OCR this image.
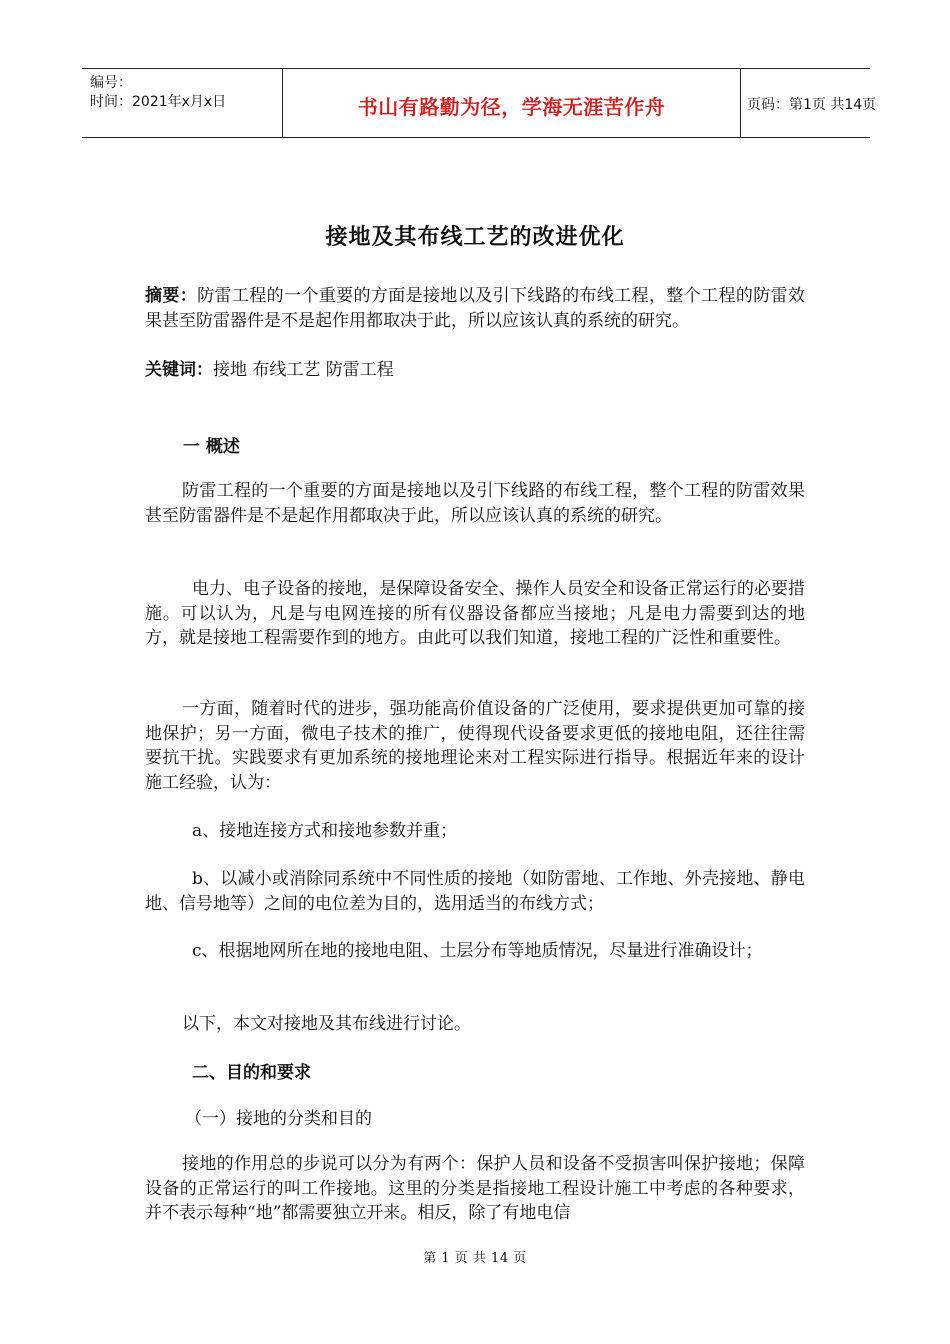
编号：
时间：2021年x月x日	书山有路勤为径，学海无涯苦作舟	页码：第1页 共14页
接地及其布线工艺的改进优化

摘要：防雷工程的一个重要的方面是接地以及引下线路的布线工程，整个工程的防雷效果甚至防雷器件是不是起作用都取决于此，所以应该认真的系统的研究。

关键词：接地 布线工艺 防雷工程

一 概述

防雷工程的一个重要的方面是接地以及引下线路的布线工程，整个工程的防雷效果甚至防雷器件是不是起作用都取决于此，所以应该认真的系统的研究。

电力、电子设备的接地，是保障设备安全、操作人员安全和设备正常运行的必要措施。可以认为，凡是与电网连接的所有仪器设备都应当接地；凡是电力需要到达的地方，就是接地工程需要作到的地方。由此可以我们知道，接地工程的广泛性和重要性。

一方面，随着时代的进步，强功能高价值设备的广泛使用，要求提供更加可靠的接地保护；另一方面，微电子技术的推广，使得现代设备要求更低的接地电阻，还往往需要抗干扰。实践要求有更加系统的接地理论来对工程实际进行指导。根据近年来的设计施工经验，认为：

a、接地连接方式和接地参数并重；

b、以减小或消除同系统中不同性质的接地（如防雷地、工作地、外壳接地、静电地、信号地等）之间的电位差为目的，选用适当的布线方式；

c、根据地网所在地的接地电阻、土层分布等地质情况，尽量进行准确设计；

以下，本文对接地及其布线进行讨论。

二、目的和要求
（一）接地的分类和目的

接地的作用总的步说可以分为有两个：保护人员和设备不受损害叫保护接地；保障设备的正常运行的叫工作接地。这里的分类是指接地工程设计施工中考虑的各种要求，并不表示每种“地”都需要独立开来。相反，除了有地电信

第 1 页 共 14 页
